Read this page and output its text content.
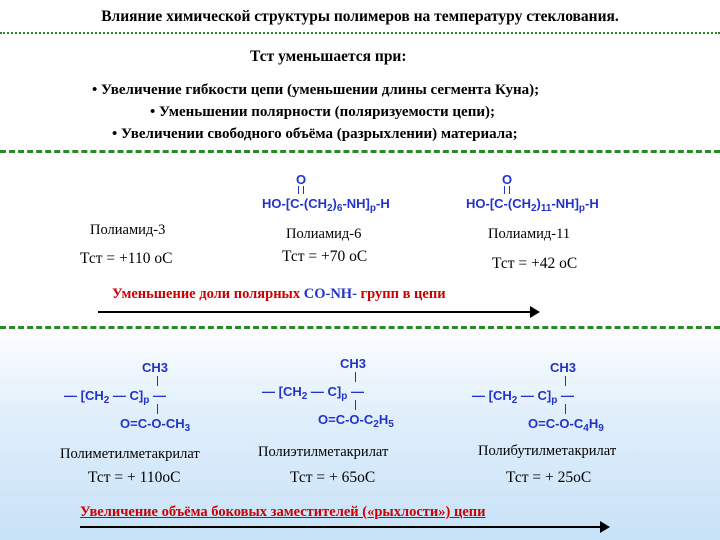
Влияние химической структуры полимеров на температуру стеклования.
Тст уменьшается при:
• Увеличение гибкости цепи (уменьшении длины сегмента Куна);
• Уменьшении полярности (поляризуемости цепи);
• Увеличении свободного объёма (разрыхлении) материала;
O
$HO-[C-(CH_2)_6-NH]_p-H$
O
$HO-[C-(CH_2)_{11}-NH]_p-H$
Полиамид-3	Полиамид-6	Полиамид-11
Тст = +110 оС	Тст = +70 оС	Тст = +42 оС
Уменьшение доли полярных CO-NH- групп в цепи
CH3
— [$CH_2$ — $C]_p$ —
$O=C-O-CH_3$
CH3
— [$CH_2$ — $C]_p$ —
$O=C-O-C_2H_5$
CH3
— [$CH_2$ — $C]_p$ —
$O=C-O-C_4H_9$
Полиметилметакрилат	Полиэтилметакрилат	Полибутилметакрилат
Тст = + 110оС	Тст = + 65оС	Тст = + 25оС
Увеличение объёма боковых заместителей («рыхлости») цепи
